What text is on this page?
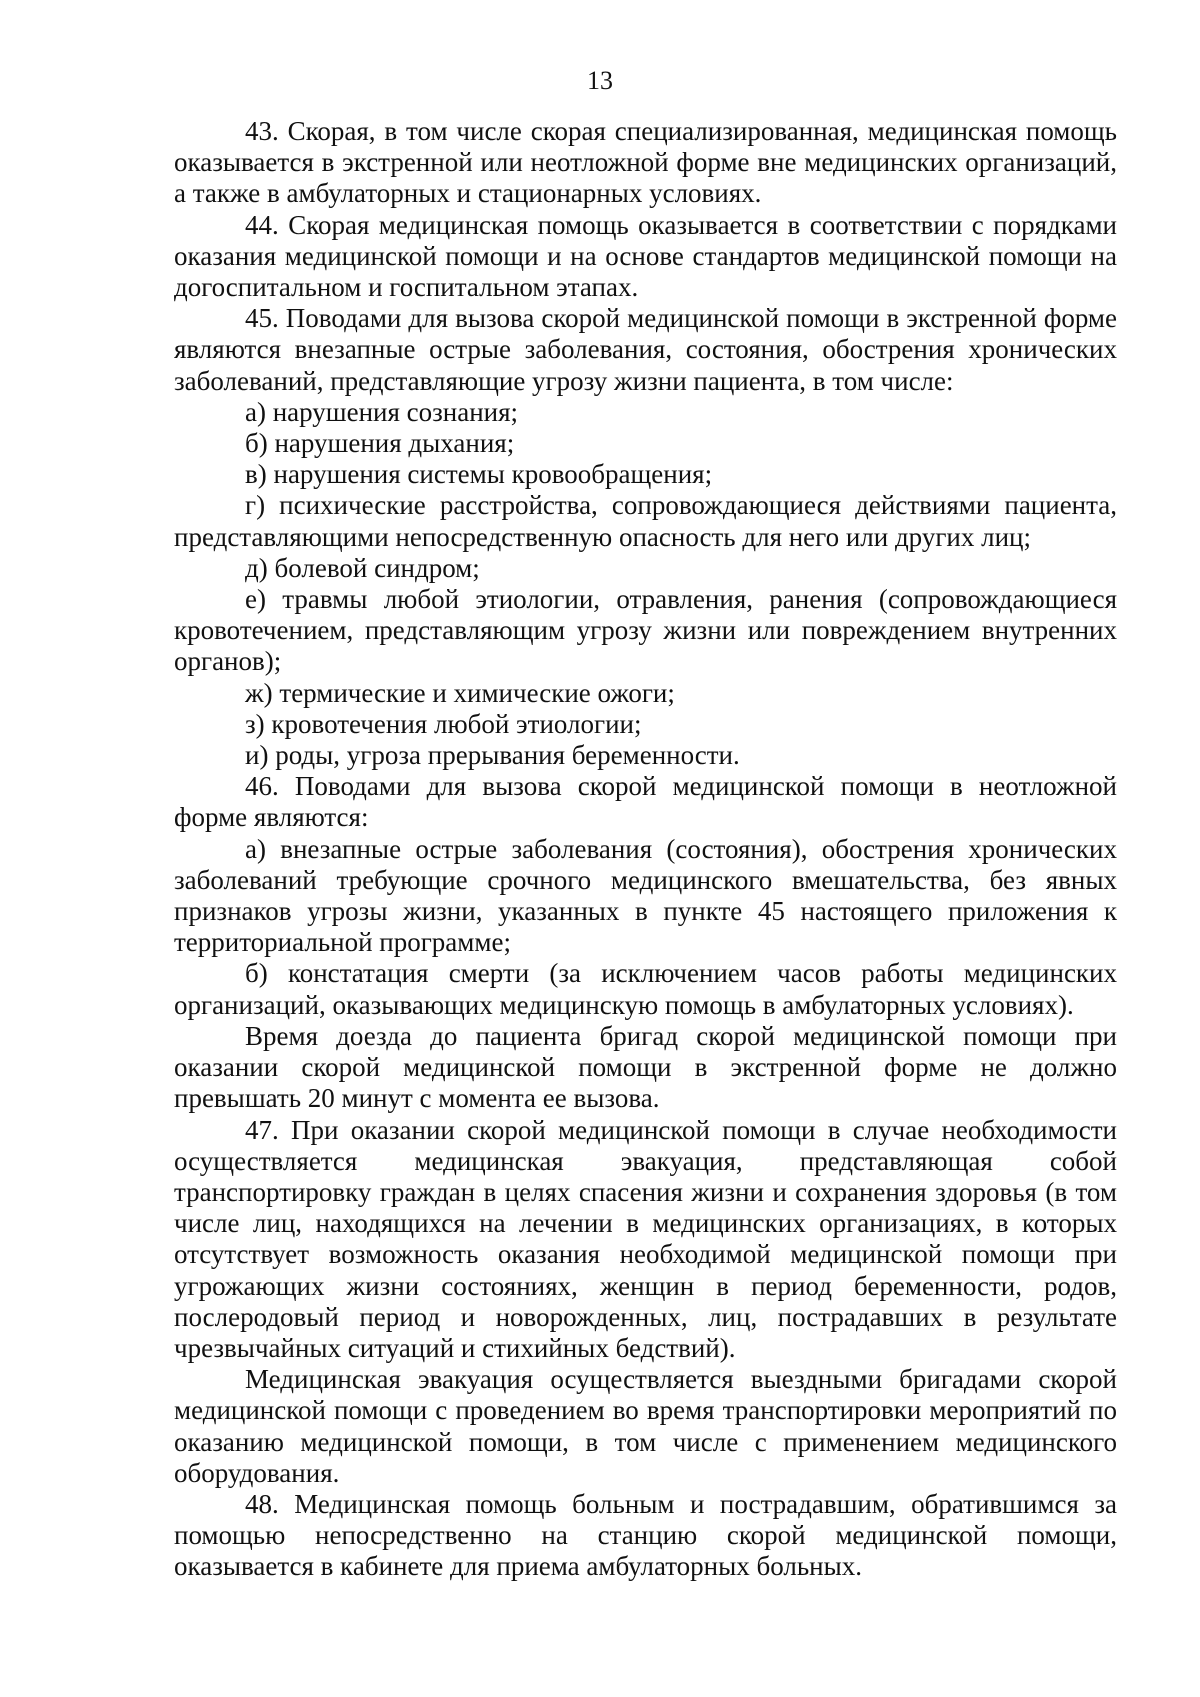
13

43. Скорая, в том числе скорая специализированная, медицинская помощь оказывается в экстренной или неотложной форме вне медицинских организаций, а также в амбулаторных и стационарных условиях.

44. Скорая медицинская помощь оказывается в соответствии с порядками оказания медицинской помощи и на основе стандартов медицинской помощи на догоспитальном и госпитальном этапах.

45. Поводами для вызова скорой медицинской помощи в экстренной форме являются внезапные острые заболевания, состояния, обострения хронических заболеваний, представляющие угрозу жизни пациента, в том числе:

а) нарушения сознания;

б) нарушения дыхания;

в) нарушения системы кровообращения;

г) психические расстройства, сопровождающиеся действиями пациента, представляющими непосредственную опасность для него или других лиц;

д) болевой синдром;

е) травмы любой этиологии, отравления, ранения (сопровождающиеся кровотечением, представляющим угрозу жизни или повреждением внутренних органов);

ж) термические и химические ожоги;

з) кровотечения любой этиологии;

и) роды, угроза прерывания беременности.

46. Поводами для вызова скорой медицинской помощи в неотложной форме являются:

а) внезапные острые заболевания (состояния), обострения хронических заболеваний требующие срочного медицинского вмешательства, без явных признаков угрозы жизни, указанных в пункте 45 настоящего приложения к территориальной программе;

б) констатация смерти (за исключением часов работы медицинских организаций, оказывающих медицинскую помощь в амбулаторных условиях).

Время доезда до пациента бригад скорой медицинской помощи при оказании скорой медицинской помощи в экстренной форме не должно превышать 20 минут с момента ее вызова.

47. При оказании скорой медицинской помощи в случае необходимости осуществляется медицинская эвакуация, представляющая собой транспортировку граждан в целях спасения жизни и сохранения здоровья (в том числе лиц, находящихся на лечении в медицинских организациях, в которых отсутствует возможность оказания необходимой медицинской помощи при угрожающих жизни состояниях, женщин в период беременности, родов, послеродовый период и новорожденных, лиц, пострадавших в результате чрезвычайных ситуаций и стихийных бедствий).

Медицинская эвакуация осуществляется выездными бригадами скорой медицинской помощи с проведением во время транспортировки мероприятий по оказанию медицинской помощи, в том числе с применением медицинского оборудования.

48. Медицинская помощь больным и пострадавшим, обратившимся за помощью непосредственно на станцию скорой медицинской помощи, оказывается в кабинете для приема амбулаторных больных.
